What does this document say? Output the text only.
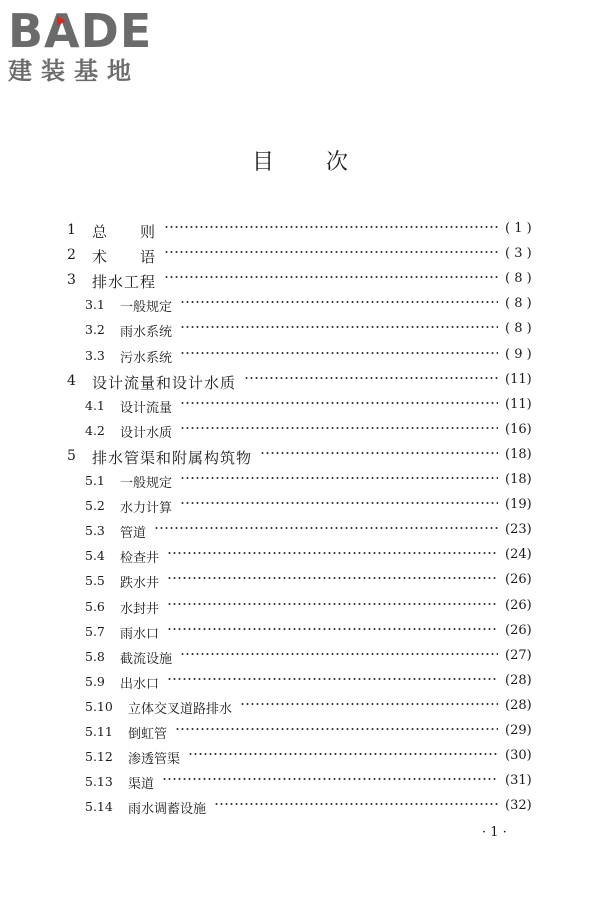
BADE
建装基地
目 次
1 总　　则	( 1 )
2 术　　语	( 3 )
3 排水工程	( 8 )
3.1 一般规定	( 8 )
3.2 雨水系统	( 8 )
3.3 污水系统	( 9 )
4 设计流量和设计水质	(11)
4.1 设计流量	(11)
4.2 设计水质	(16)
5 排水管渠和附属构筑物	(18)
5.1 一般规定	(18)
5.2 水力计算	(19)
5.3 管道	(23)
5.4 检查井	(24)
5.5 跌水井	(26)
5.6 水封井	(26)
5.7 雨水口	(26)
5.8 截流设施	(27)
5.9 出水口	(28)
5.10 立体交叉道路排水	(28)
5.11 倒虹管	(29)
5.12 渗透管渠	(30)
5.13 渠道	(31)
5.14 雨水调蓄设施	(32)
· 1 ·
